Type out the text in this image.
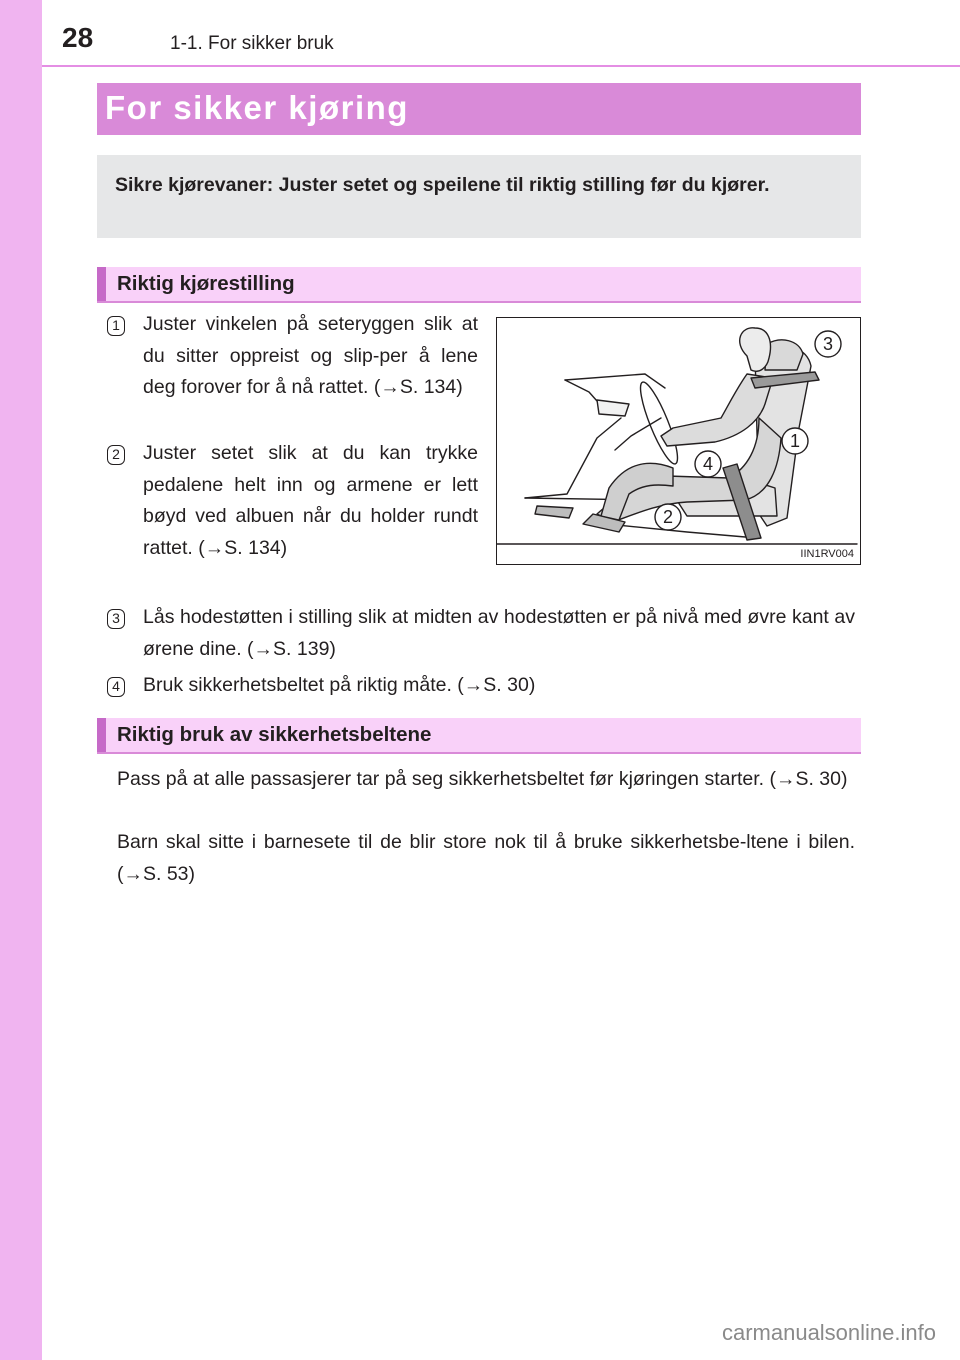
28	1-1. For sikker bruk
For sikker kjøring

Sikre kjørevaner: Juster setet og speilene til riktig stilling før du kjører.

Riktig kjørestilling
1 Juster vinkelen på seteryggen slik at du sitter oppreist og slip-per å lene deg forover for å nå rattet. (→S. 134)

2 Juster setet slik at du kan trykke pedalene helt inn og armene er lett bøyd ved albuen når du holder rundt rattet. (→S. 134)

3
1
4
2
IIN1RV004
3 Lås hodestøtten i stilling slik at midten av hodestøtten er på nivå med øvre kant av ørene dine. (→S. 139)

4 Bruk sikkerhetsbeltet på riktig måte. (→S. 30)

Riktig bruk av sikkerhetsbeltene

Pass på at alle passasjerer tar på seg sikkerhetsbeltet før kjøringen starter. (→S. 30)

Barn skal sitte i barnesete til de blir store nok til å bruke sikkerhetsbe-ltene i bilen. (→S. 53)

carmanualsonline.info
